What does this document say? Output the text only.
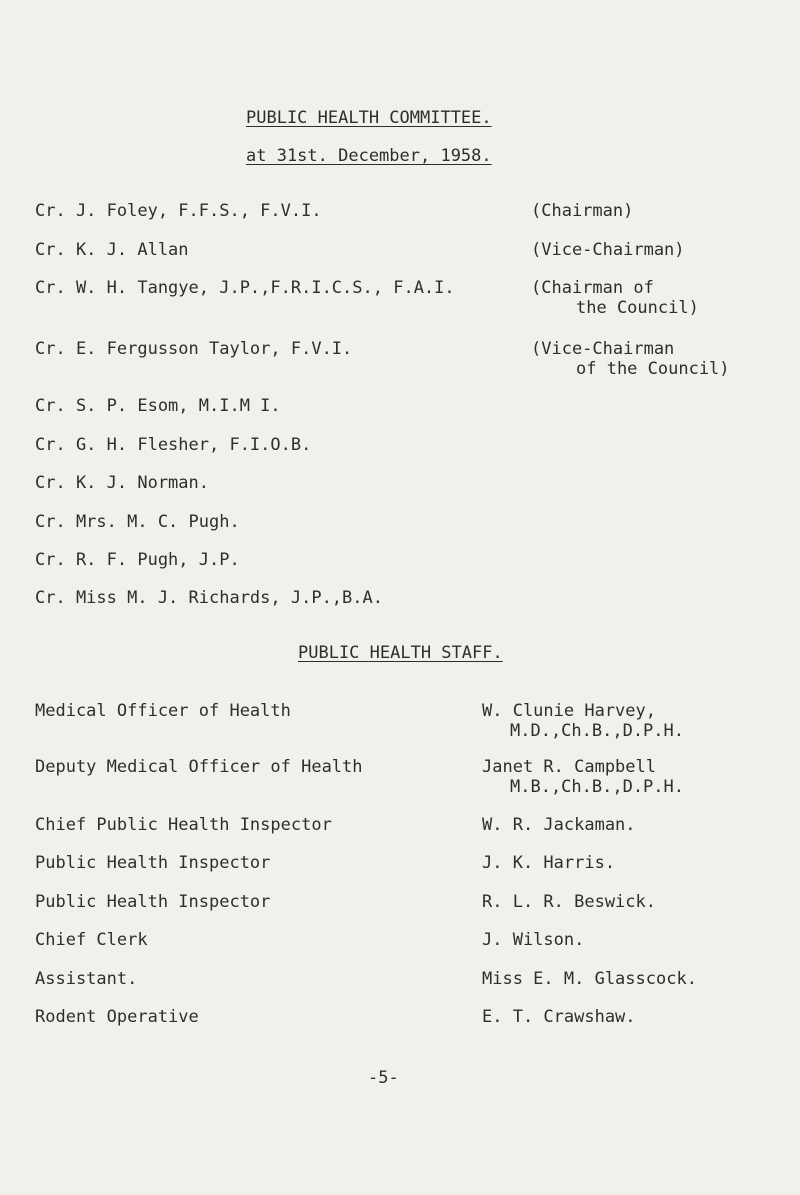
PUBLIC HEALTH COMMITTEE.
at 31st. December, 1958.
Cr. J. Foley, F.F.S., F.V.I.	(Chairman)
Cr. K. J. Allan	(Vice-Chairman)
Cr. W. H. Tangye, J.P.,F.R.I.C.S., F.A.I.	(Chairman of
the Council)
Cr. E. Fergusson Taylor, F.V.I.	(Vice-Chairman
of the Council)
Cr. S. P. Esom, M.I.M I.
Cr. G. H. Flesher, F.I.O.B.
Cr. K. J. Norman.
Cr. Mrs. M. C. Pugh.
Cr. R. F. Pugh, J.P.
Cr. Miss M. J. Richards, J.P.,B.A.
PUBLIC HEALTH STAFF.
Medical Officer of Health	W. Clunie Harvey,
M.D.,Ch.B.,D.P.H.
Deputy Medical Officer of Health	Janet R. Campbell
M.B.,Ch.B.,D.P.H.
Chief Public Health Inspector	W. R. Jackaman.
Public Health Inspector	J. K. Harris.
Public Health Inspector	R. L. R. Beswick.
Chief Clerk	J. Wilson.
Assistant.	Miss E. M. Glasscock.
Rodent Operative	E. T. Crawshaw.
-5-
